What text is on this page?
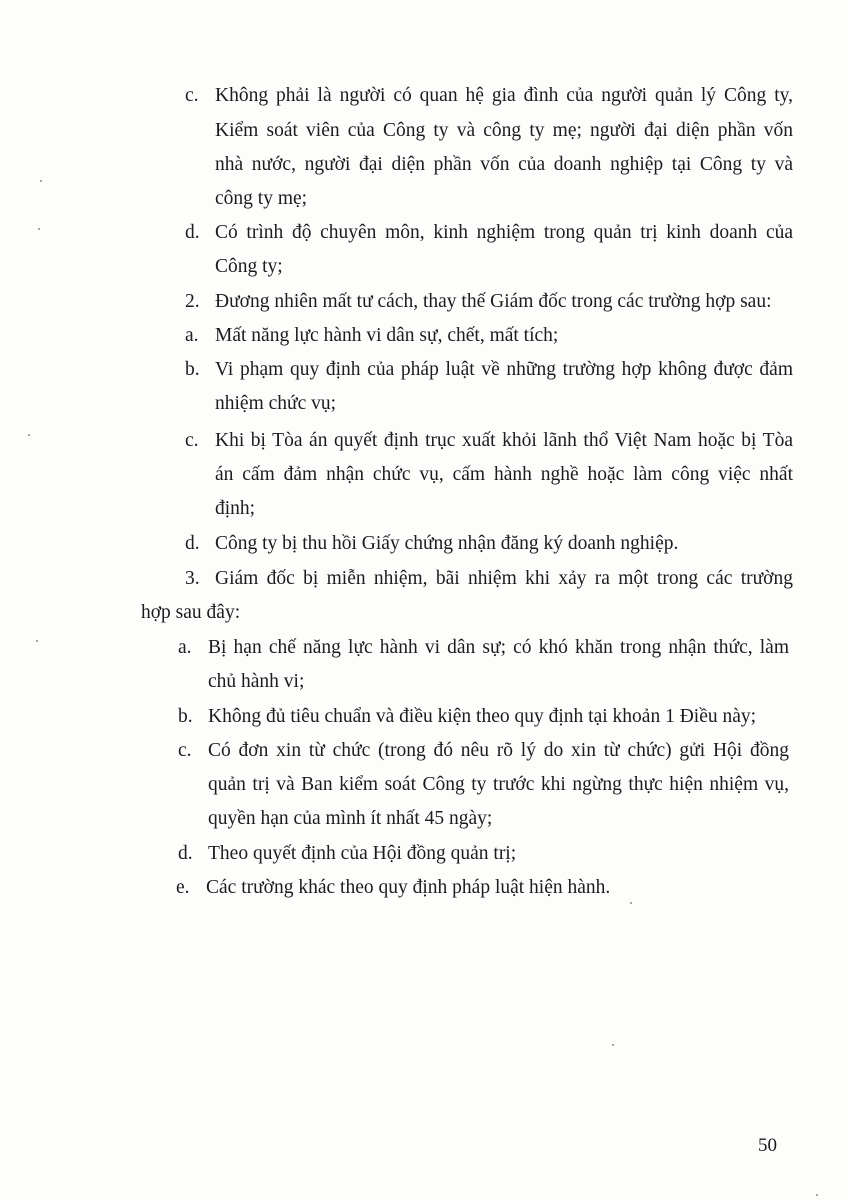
c. Không phải là người có quan hệ gia đình của người quản lý Công ty,
Kiểm soát viên của Công ty và công ty mẹ; người đại diện phần vốn
nhà nước, người đại diện phần vốn của doanh nghiệp tại Công ty và
công ty mẹ;
d. Có trình độ chuyên môn, kinh nghiệm trong quản trị kinh doanh của
Công ty;
2. Đương nhiên mất tư cách, thay thế Giám đốc trong các trường hợp sau:
a. Mất năng lực hành vi dân sự, chết, mất tích;
b. Vi phạm quy định của pháp luật về những trường hợp không được đảm
nhiệm chức vụ;
c. Khi bị Tòa án quyết định trục xuất khỏi lãnh thổ Việt Nam hoặc bị Tòa
án cấm đảm nhận chức vụ, cấm hành nghề hoặc làm công việc nhất
định;
d. Công ty bị thu hồi Giấy chứng nhận đăng ký doanh nghiệp.
3. Giám đốc bị miễn nhiệm, bãi nhiệm khi xảy ra một trong các trường
hợp sau đây:
a. Bị hạn chế năng lực hành vi dân sự; có khó khăn trong nhận thức, làm
chủ hành vi;
b. Không đủ tiêu chuẩn và điều kiện theo quy định tại khoản 1 Điều này;
c. Có đơn xin từ chức (trong đó nêu rõ lý do xin từ chức) gửi Hội đồng
quản trị và Ban kiểm soát Công ty trước khi ngừng thực hiện nhiệm vụ,
quyền hạn của mình ít nhất 45 ngày;
d. Theo quyết định của Hội đồng quản trị;
e. Các trường khác theo quy định pháp luật hiện hành.
50
